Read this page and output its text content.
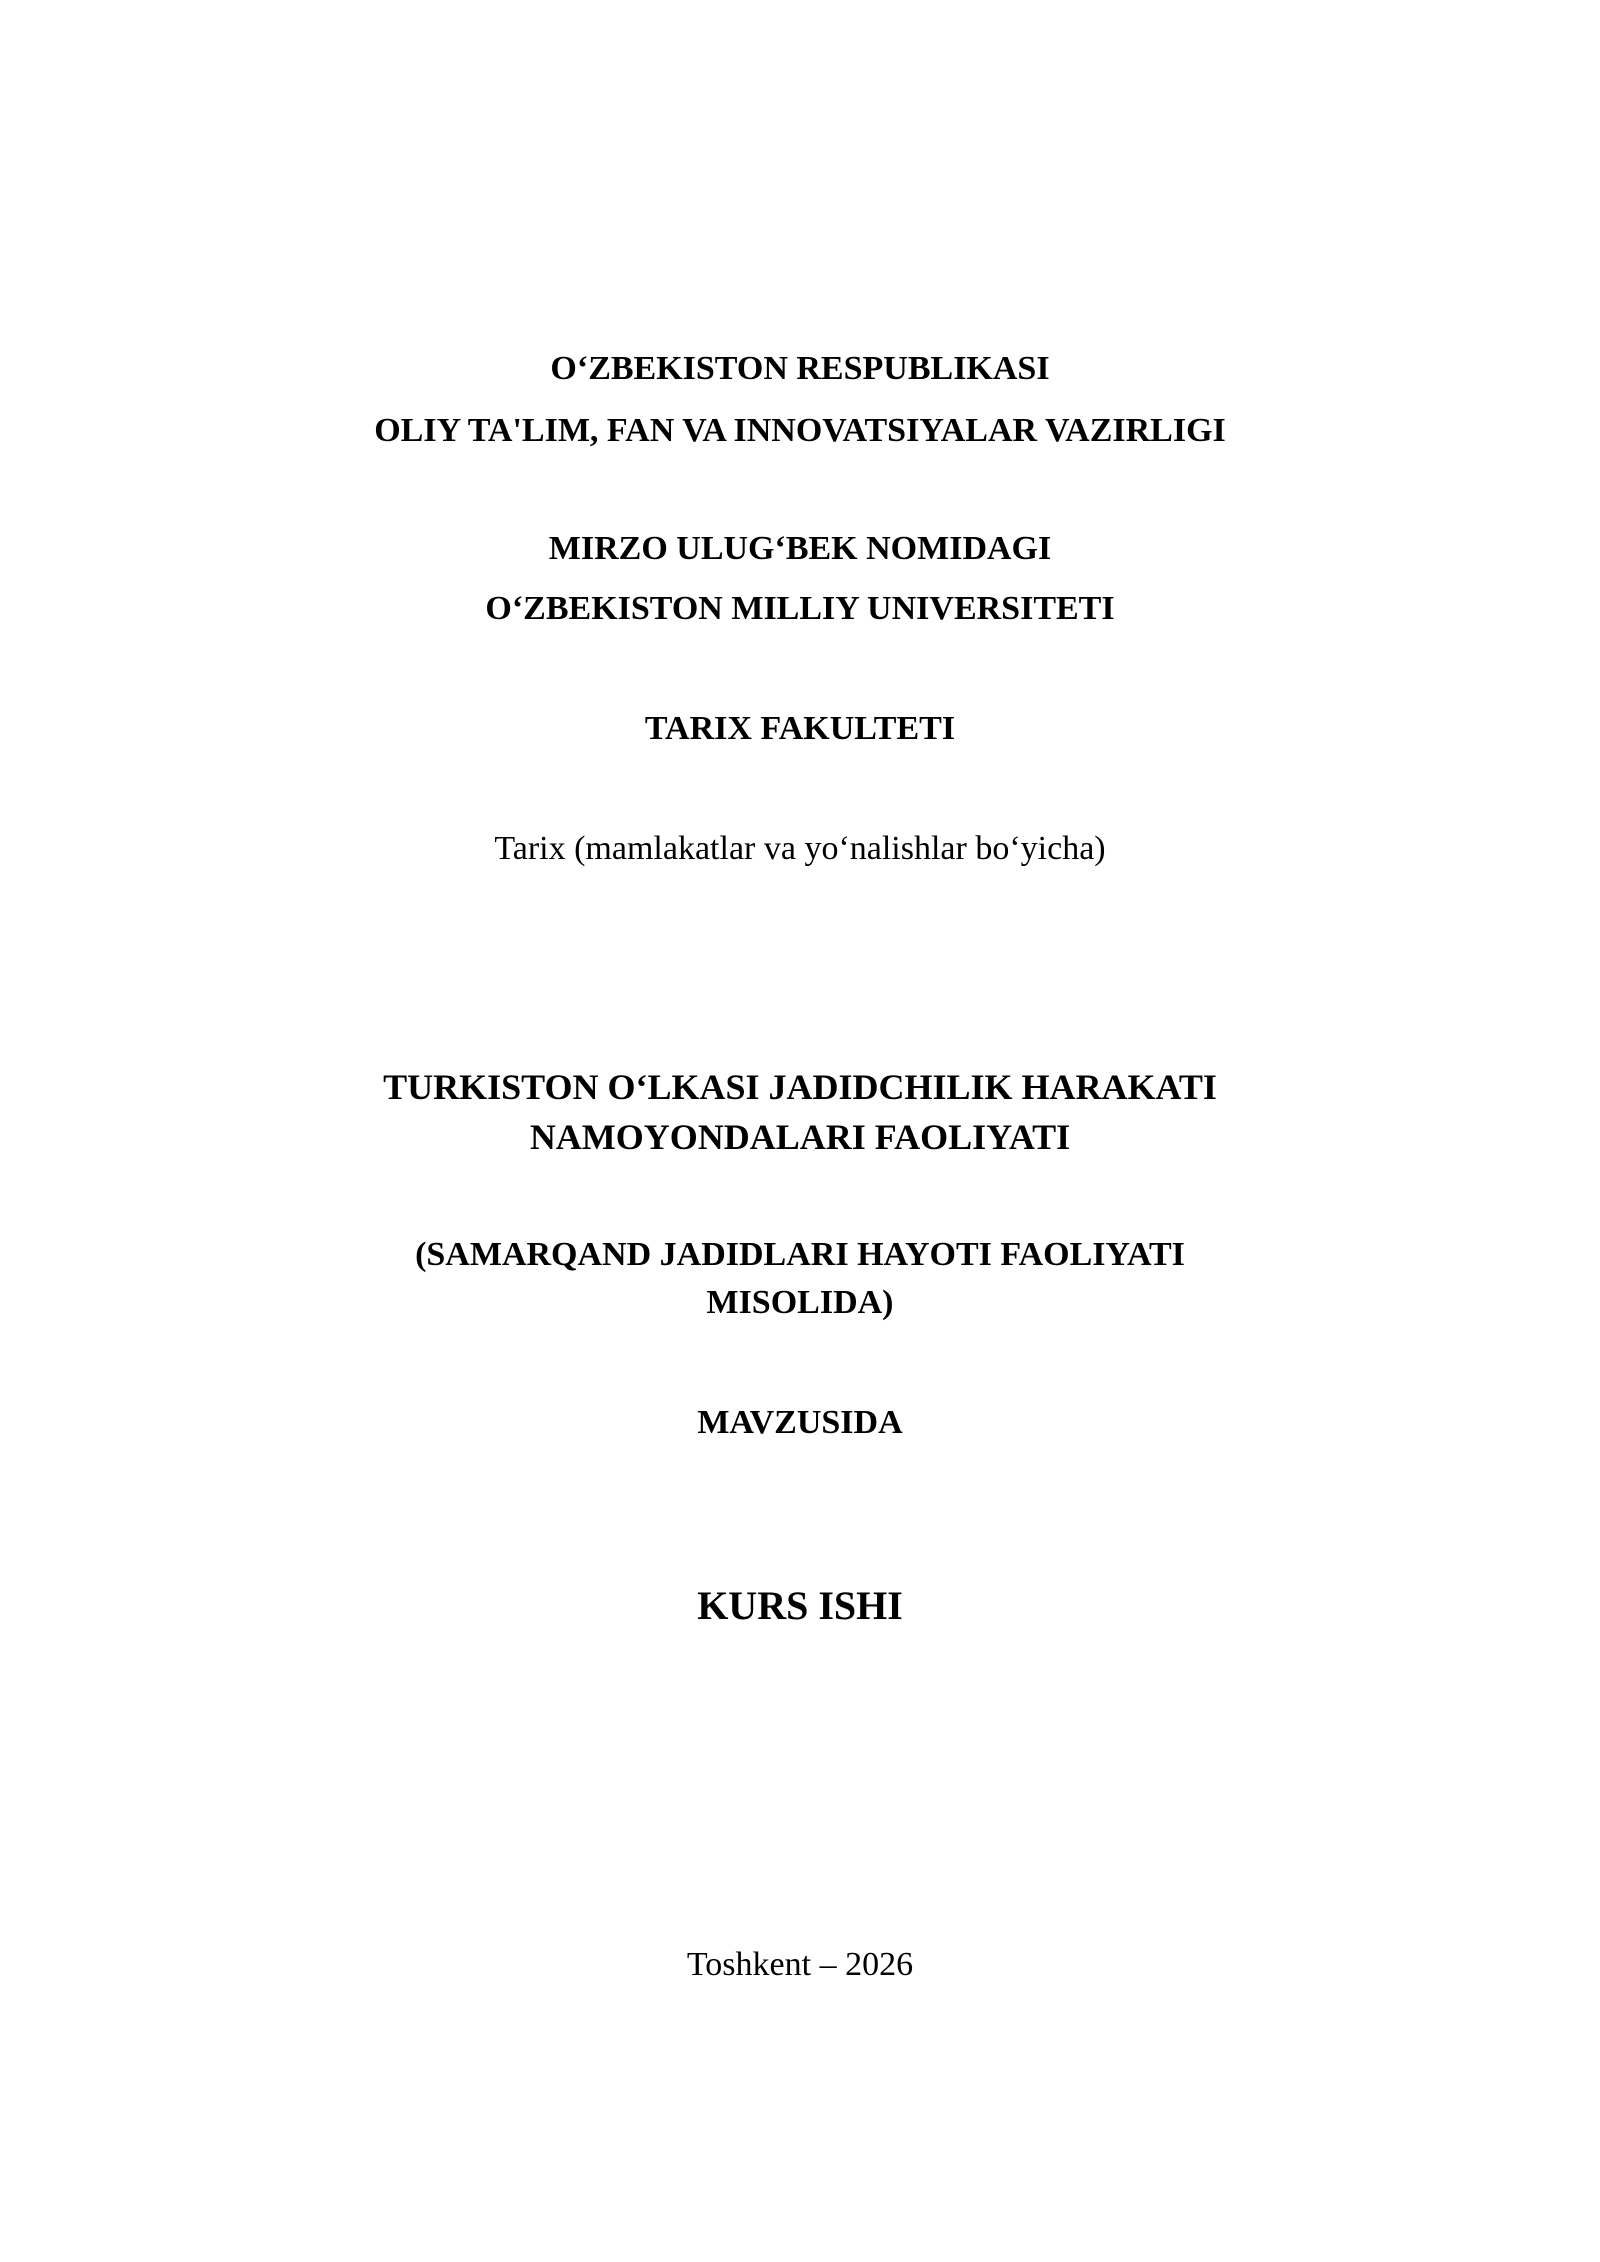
O‘ZBEKISTON RESPUBLIKASI
OLIY TA'LIM, FAN VA INNOVATSIYALAR VAZIRLIGI
MIRZO ULUG‘BEK NOMIDAGI
O‘ZBEKISTON MILLIY UNIVERSITETI
TARIX FAKULTETI
Tarix (mamlakatlar va yo‘nalishlar bo‘yicha)
TURKISTON O‘LKASI JADIDCHILIK HARAKATI
NAMOYONDALARI FAOLIYATI
(SAMARQAND JADIDLARI HAYOTI FAOLIYATI
MISOLIDA)
MAVZUSIDA
KURS ISHI
Toshkent – 2026
